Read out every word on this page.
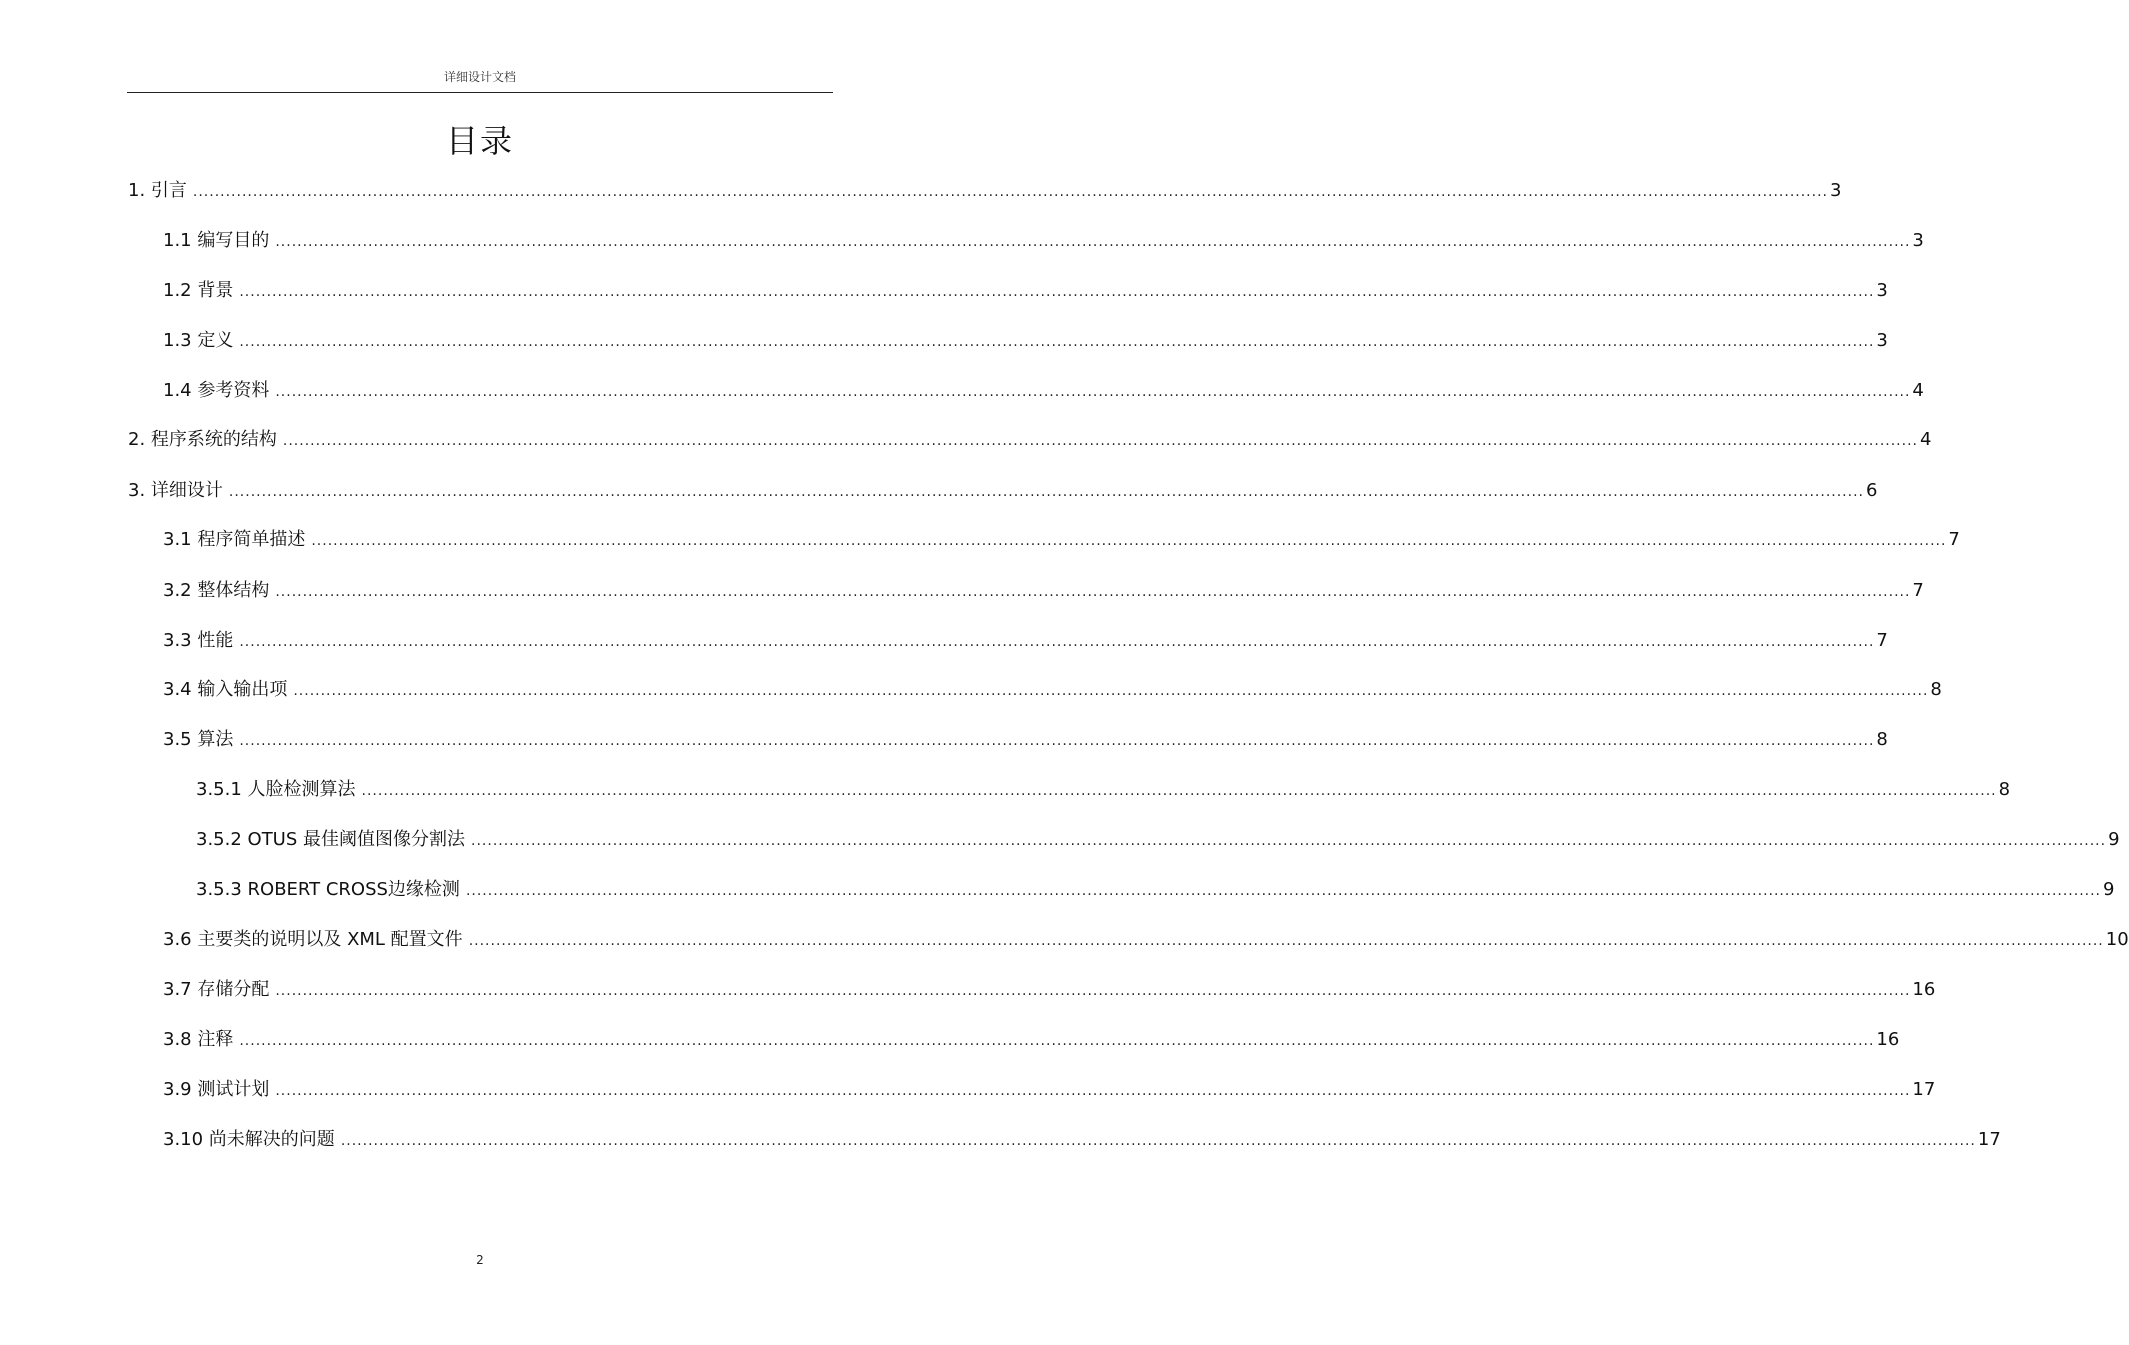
详细设计文档
目录
1. 引言 ............................................................................................................................................................................................................................................................................................................ 3
1.1 编写目的 ............................................................................................................................................................................................................................................................................................................ 3
1.2 背景 ............................................................................................................................................................................................................................................................................................................ 3
1.3 定义 ............................................................................................................................................................................................................................................................................................................ 3
1.4 参考资料 ............................................................................................................................................................................................................................................................................................................ 4
2. 程序系统的结构 ............................................................................................................................................................................................................................................................................................................ 4
3. 详细设计 ............................................................................................................................................................................................................................................................................................................ 6
3.1 程序简单描述 ............................................................................................................................................................................................................................................................................................................ 7
3.2 整体结构 ............................................................................................................................................................................................................................................................................................................ 7
3.3 性能 ............................................................................................................................................................................................................................................................................................................ 7
3.4 输入输出项 ............................................................................................................................................................................................................................................................................................................ 8
3.5 算法 ............................................................................................................................................................................................................................................................................................................ 8
3.5.1 人脸检测算法 ............................................................................................................................................................................................................................................................................................................ 8
3.5.2 OTUS 最佳阈值图像分割法 ............................................................................................................................................................................................................................................................................................................ 9
3.5.3 ROBERT CROSS边缘检测 ............................................................................................................................................................................................................................................................................................................ 9
3.6 主要类的说明以及 XML 配置文件 ............................................................................................................................................................................................................................................................................................................ 10
3.7 存储分配 ............................................................................................................................................................................................................................................................................................................ 16
3.8 注释 ............................................................................................................................................................................................................................................................................................................ 16
3.9 测试计划 ............................................................................................................................................................................................................................................................................................................ 17
3.10 尚未解决的问题 ............................................................................................................................................................................................................................................................................................................ 17
2
